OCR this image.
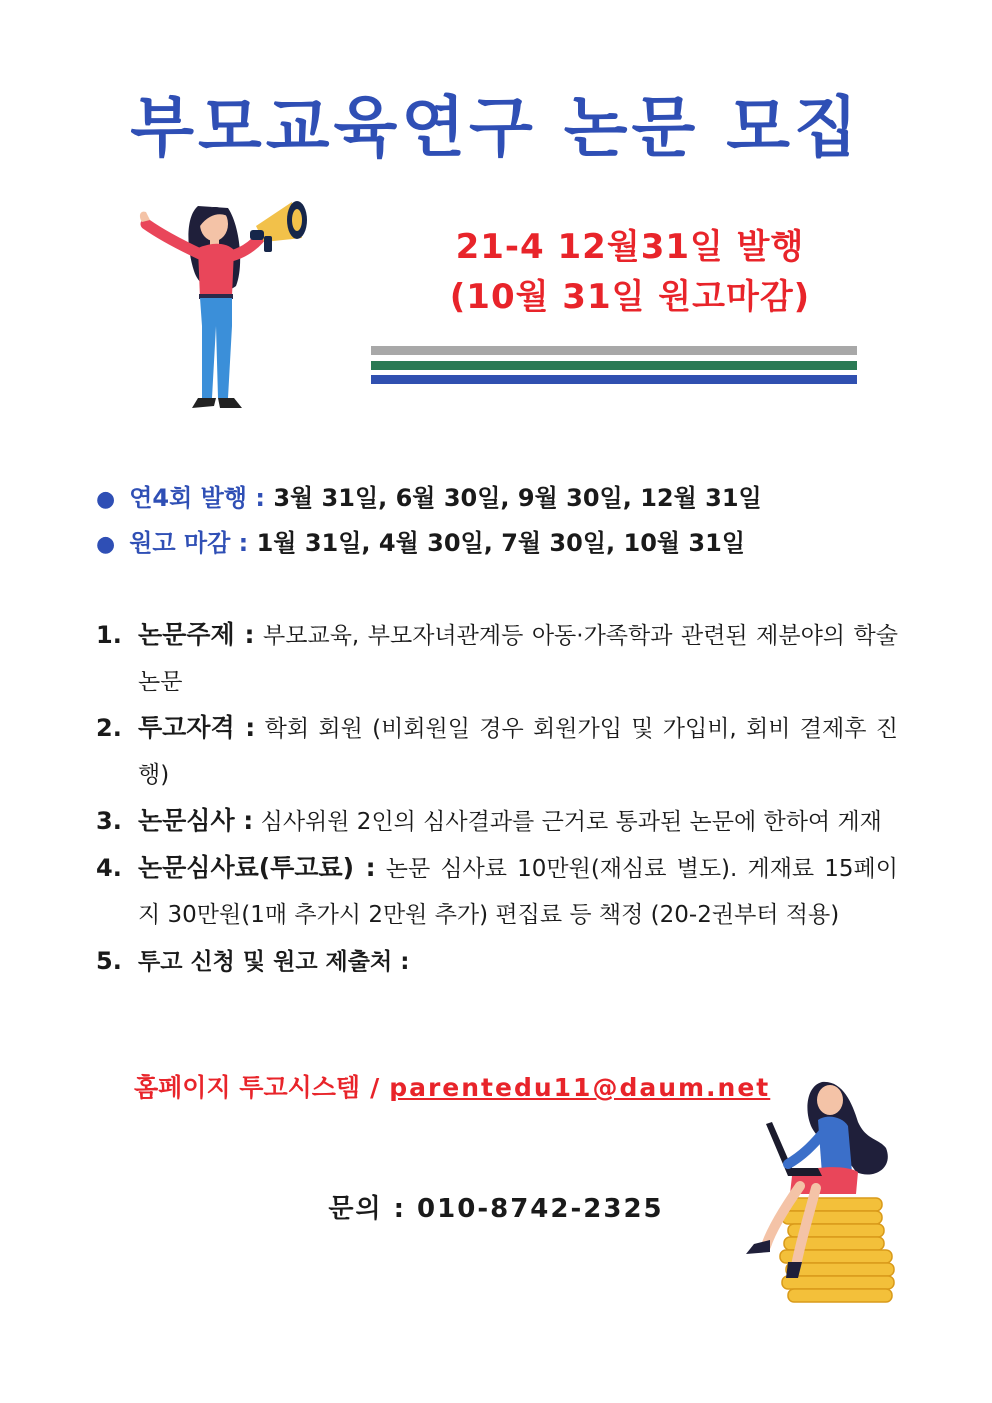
부모교육연구 논문 모집
21-4 12월31일 발행
(10월 31일 원고마감)
● 연4회 발행 : 3월 31일, 6월 30일, 9월 30일, 12월 31일
● 원고 마감 : 1월 31일, 4월 30일, 7월 30일, 10월 31일
1. 논문주제 : 부모교육, 부모자녀관계등 아동·가족학과 관련된 제분야의 학술논문
2. 투고자격 : 학회 회원 (비회원일 경우 회원가입 및 가입비, 회비 결제후 진행)
3. 논문심사 : 심사위원 2인의 심사결과를 근거로 통과된 논문에 한하여 게재
4. 논문심사료(투고료) : 논문 심사료 10만원(재심료 별도). 게재료 15페이지 30만원(1매 추가시 2만원 추가) 편집료 등 책정 (20-2권부터 적용)
5. 투고 신청 및 원고 제출처 :
홈페이지 투고시스템 / parentedu11@daum.net
문의 : 010-8742-2325
